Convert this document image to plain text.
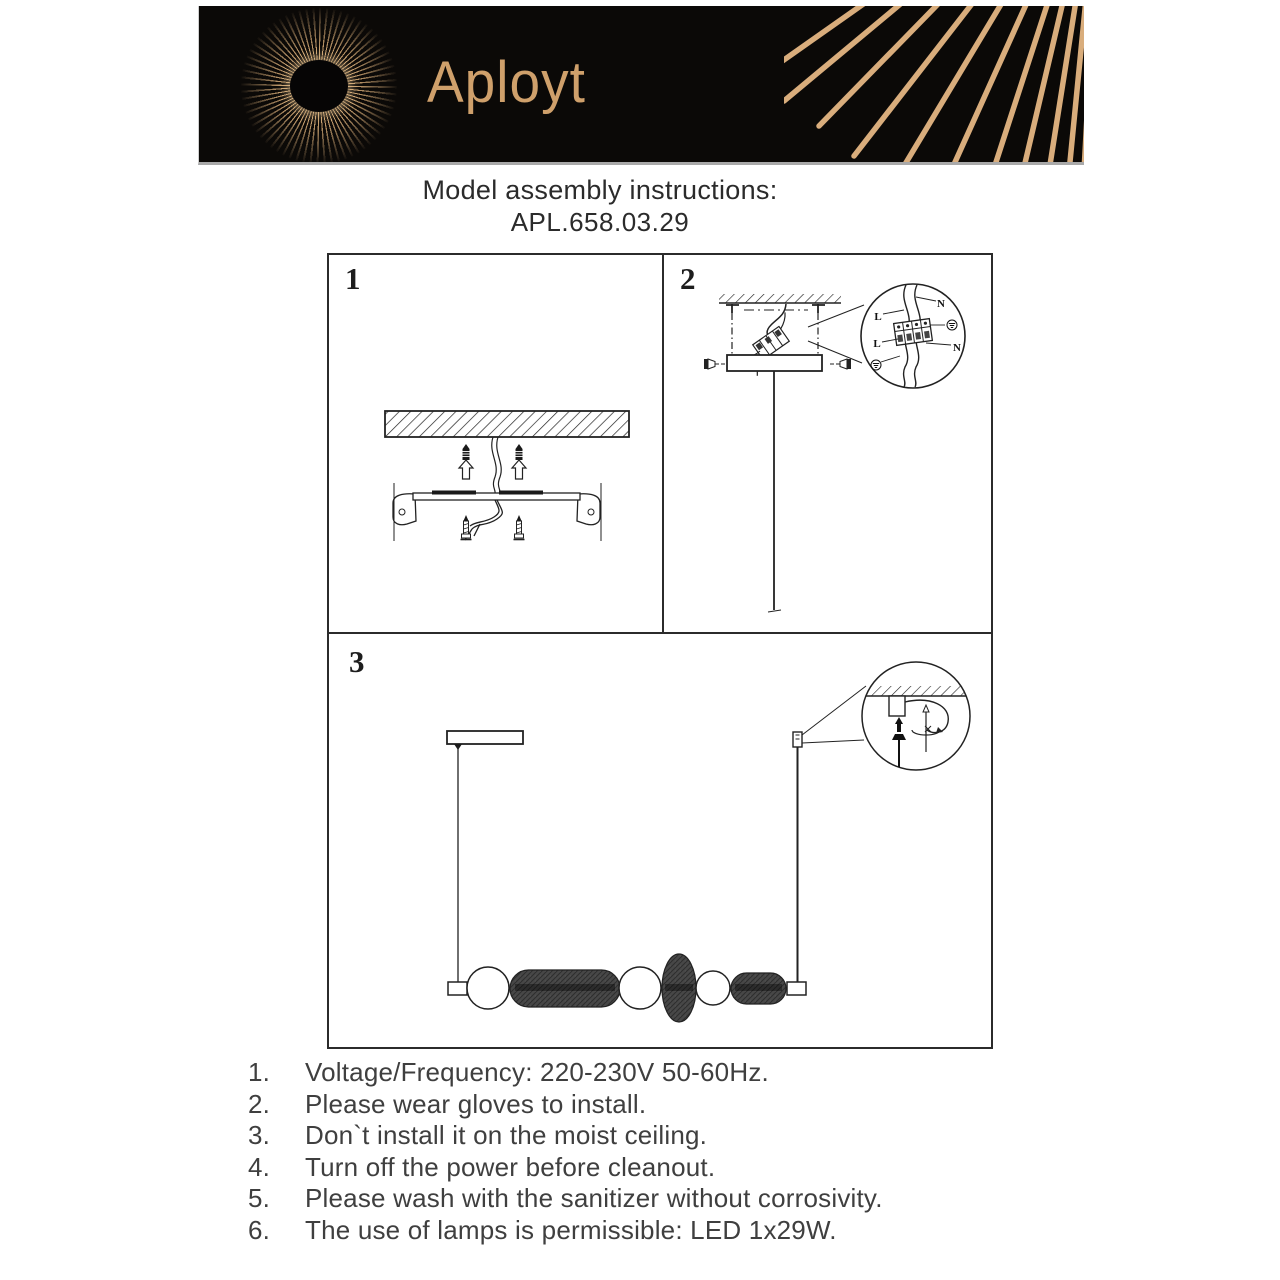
Aployt
Model assembly instructions:
APL.658.03.29
1	2
L
N
L	N
3
1.	Voltage/Frequency: 220-230V 50-60Hz.
2.	Please wear gloves to install.
3.	Don`t install it on the moist ceiling.
4.	Turn off the power before cleanout.
5.	Please wash with the sanitizer without corrosivity.
6.	The use of lamps is permissible: LED 1x29W.
